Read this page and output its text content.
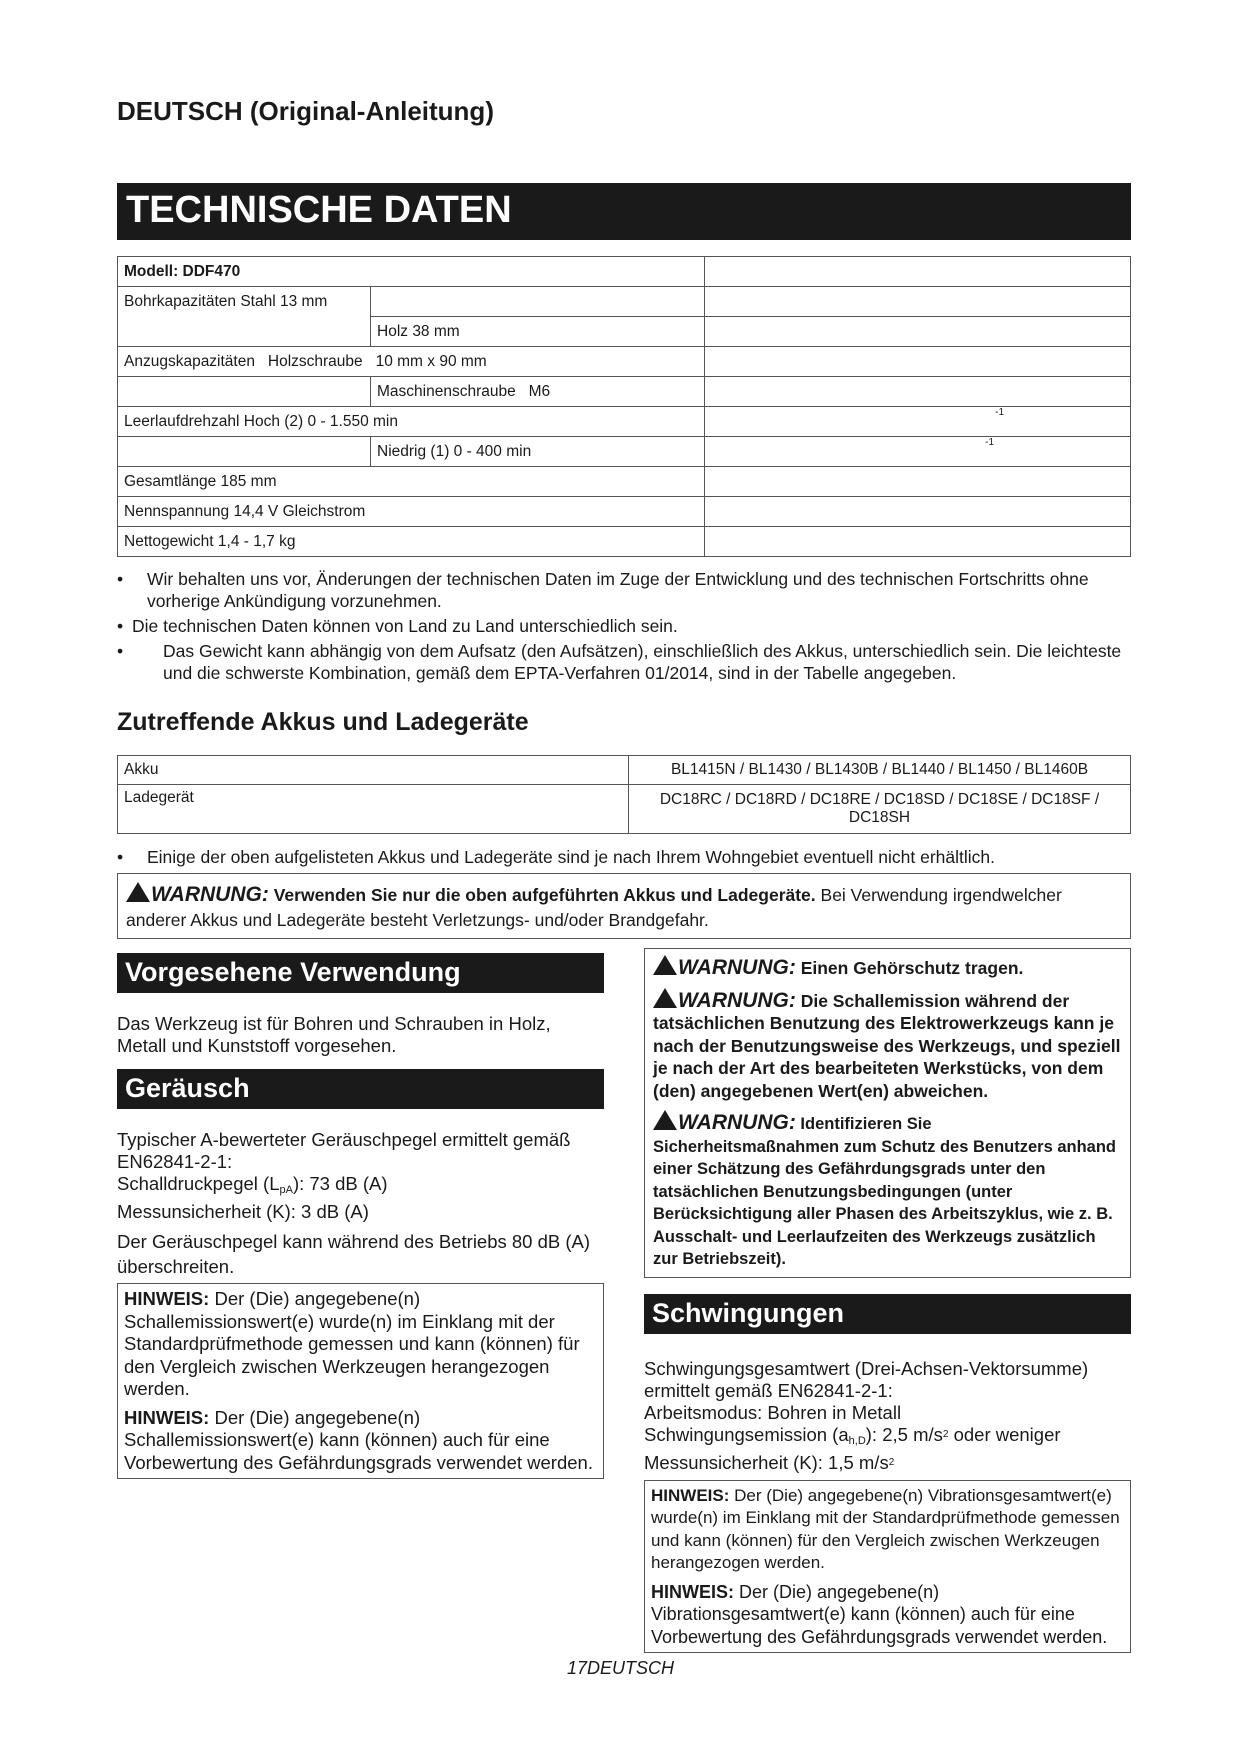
DEUTSCH (Original-Anleitung)
TECHNISCHE DATEN
Modell: DDF470		
Bohrkapazitäten Stahl 13 mm		
	Holz 38 mm	
Anzugskapazitäten   Holzschraube   10 mm x 90 mm		
	Maschinenschraube   M6	
Leerlaufdrehzahl Hoch (2) 0 - 1.550 min		$^{-1}$
	Niedrig (1) 0 - 400 min	$^{-1}$
Gesamtlänge 185 mm		
Nennspannung 14,4 V Gleichstrom		
Nettogewicht 1,4 - 1,7 kg		
• Wir behalten uns vor, Änderungen der technischen Daten im Zuge der Entwicklung und des technischen Fortschritts ohne vorherige Ankündigung vorzunehmen.
• Die technischen Daten können von Land zu Land unterschiedlich sein.
• Das Gewicht kann abhängig von dem Aufsatz (den Aufsätzen), einschließlich des Akkus, unterschiedlich sein. Die leichteste und die schwerste Kombination, gemäß dem EPTA-Verfahren 01/2014, sind in der Tabelle angegeben.
Zutreffende Akkus und Ladegeräte
Akku	BL1415N / BL1430 / BL1430B / BL1440 / BL1450 / BL1460B
Ladegerät	DC18RC / DC18RD / DC18RE / DC18SD / DC18SE / DC18SF / DC18SH
• Einige der oben aufgelisteten Akkus und Ladegeräte sind je nach Ihrem Wohngebiet eventuell nicht erhältlich.
WARNUNG: Verwenden Sie nur die oben aufgeführten Akkus und Ladegeräte. Bei Verwendung irgendwelcher anderer Akkus und Ladegeräte besteht Verletzungs- und/oder Brandgefahr.
Vorgesehene Verwendung
Das Werkzeug ist für Bohren und Schrauben in Holz, Metall und Kunststoff vorgesehen.
Geräusch
Typischer A-bewerteter Geräuschpegel ermittelt gemäß EN62841-2-1:
Schalldruckpegel $(L_{pA})$: 73 dB (A)
Messunsicherheit (K): 3 dB (A)
Der Geräuschpegel kann während des Betriebs 80 dB (A) überschreiten.
HINWEIS: Der (Die) angegebene(n) Schallemissionswert(e) wurde(n) im Einklang mit der Standardprüfmethode gemessen und kann (können) für den Vergleich zwischen Werkzeugen herangezogen werden.
HINWEIS: Der (Die) angegebene(n) Schallemissionswert(e) kann (können) auch für eine Vorbewertung des Gefährdungsgrads verwendet werden.
WARNUNG: Einen Gehörschutz tragen.
WARNUNG: Die Schallemission während der tatsächlichen Benutzung des Elektrowerkzeugs kann je nach der Benutzungsweise des Werkzeugs, und speziell je nach der Art des bearbeiteten Werkstücks, von dem (den) angegebenen Wert(en) abweichen.
WARNUNG: Identifizieren Sie Sicherheitsmaßnahmen zum Schutz des Benutzers anhand einer Schätzung des Gefährdungsgrads unter den tatsächlichen Benutzungsbedingungen (unter Berücksichtigung aller Phasen des Arbeitszyklus, wie z. B. Ausschalt- und Leerlaufzeiten des Werkzeugs zusätzlich zur Betriebszeit).
Schwingungen
Schwingungsgesamtwert (Drei-Achsen-Vektorsumme) ermittelt gemäß EN62841-2-1:
Arbeitsmodus: Bohren in Metall
Schwingungsemission $(a_{h,D})$: 2,5 $m/s^2$ oder weniger
Messunsicherheit (K): 1,5 $m/s^2$
HINWEIS: Der (Die) angegebene(n) Vibrationsgesamtwert(e) wurde(n) im Einklang mit der Standardprüfmethode gemessen und kann (können) für den Vergleich zwischen Werkzeugen herangezogen werden.
HINWEIS: Der (Die) angegebene(n) Vibrationsgesamtwert(e) kann (können) auch für eine Vorbewertung des Gefährdungsgrads verwendet werden.
17DEUTSCH
